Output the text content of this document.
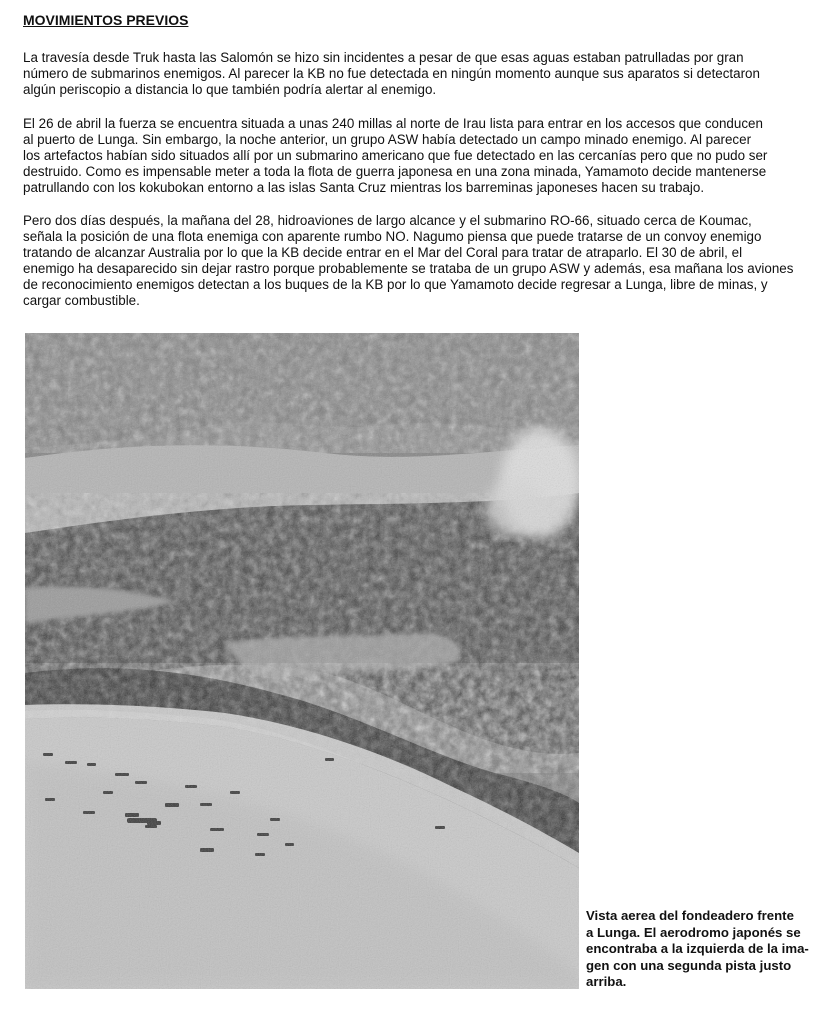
MOVIMIENTOS PREVIOS

La travesía desde Truk hasta las Salomón se hizo sin incidentes a pesar de que esas aguas estaban patrulladas por gran
número de submarinos enemigos. Al parecer la KB no fue detectada en ningún momento aunque sus aparatos si detectaron
algún periscopio a distancia lo que también podría alertar al enemigo.

El 26 de abril la fuerza se encuentra situada a unas 240 millas al norte de Irau lista para entrar en los accesos que conducen
al puerto de Lunga. Sin embargo, la noche anterior, un grupo ASW había detectado un campo minado enemigo. Al parecer
los artefactos habían sido situados allí por un submarino americano que fue detectado en las cercanías pero que no pudo ser
destruido. Como es impensable meter a toda la flota de guerra japonesa en una zona minada, Yamamoto decide mantenerse
patrullando con los kokubokan entorno a las islas Santa Cruz mientras los barreminas japoneses hacen su trabajo.

Pero dos días después, la mañana del 28, hidroaviones de largo alcance y el submarino RO-66, situado cerca de Koumac,
señala la posición de una flota enemiga con aparente rumbo NO. Nagumo piensa que puede tratarse de un convoy enemigo
tratando de alcanzar Australia por lo que la KB decide entrar en el Mar del Coral para tratar de atraparlo. El 30 de abril, el
enemigo ha desaparecido sin dejar rastro porque probablemente se trataba de un grupo ASW y además, esa mañana los aviones
de reconocimiento enemigos detectan a los buques de la KB por lo que Yamamoto decide regresar a Lunga, libre de minas, y
cargar combustible.

Vista aerea del fondeadero frente
a Lunga. El aerodromo japonés se
encontraba a la izquierda de la ima-
gen con una segunda pista justo
arriba.
